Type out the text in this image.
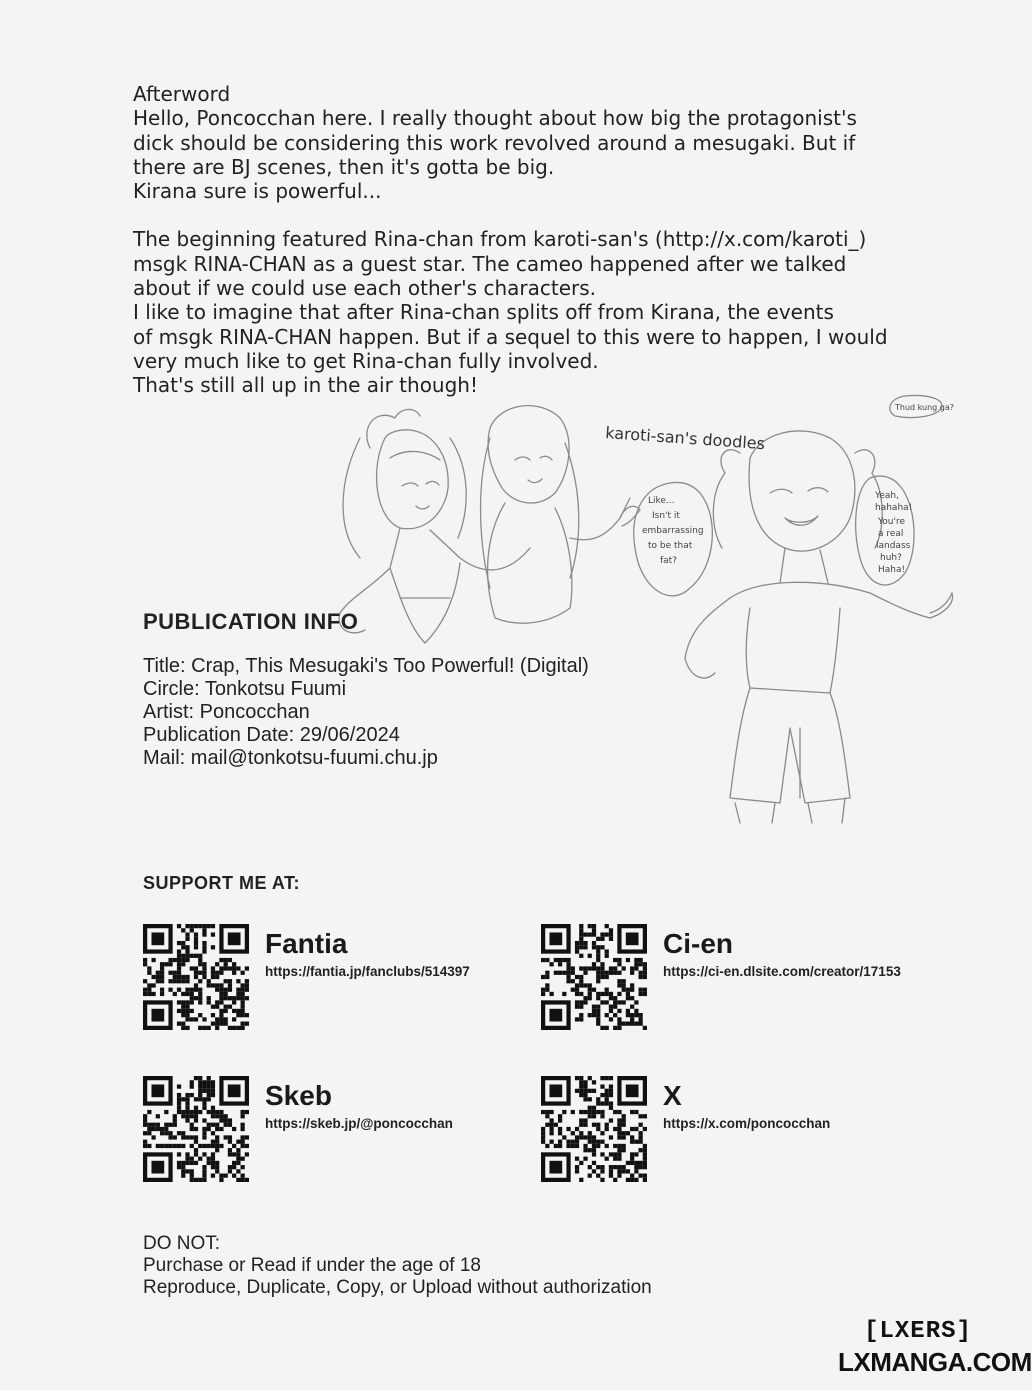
Afterword

Hello, Poncocchan here. I really thought about how big the protagonist's

dick should be considering this work revolved around a mesugaki. But if

there are BJ scenes, then it's gotta be big.

Kirana sure is powerful...

The beginning featured Rina-chan from karoti-san's (http://x.com/karoti_)

msgk RINA-CHAN as a guest star. The cameo happened after we talked

about if we could use each other's characters.

I like to imagine that after Rina-chan splits off from Kirana, the events

of msgk RINA-CHAN happen. But if a sequel to this were to happen, I would

very much like to get Rina-chan fully involved.

That's still all up in the air though!

karoti-san's doodles
Like...
Isn't it
embarrassing
to be that
fat?
Thud kung ga?
Yeah,
hahaha!
You're
a real
landass
huh?
Haha!
PUBLICATION INFO
Title: Crap, This Mesugaki's Too Powerful! (Digital)
Circle: Tonkotsu Fuumi
Artist: Poncocchan
Publication Date: 29/06/2024
Mail: mail@tonkotsu-fuumi.chu.jp
SUPPORT ME AT:
Fantia
https://fantia.jp/fanclubs/514397
Ci-en
https://ci-en.dlsite.com/creator/17153
Skeb
https://skeb.jp/@poncocchan
X
https://x.com/poncocchan
DO NOT:
Purchase or Read if under the age of 18
Reproduce, Duplicate, Copy, or Upload without authorization
[LXERS]
LXMANGA.COM
